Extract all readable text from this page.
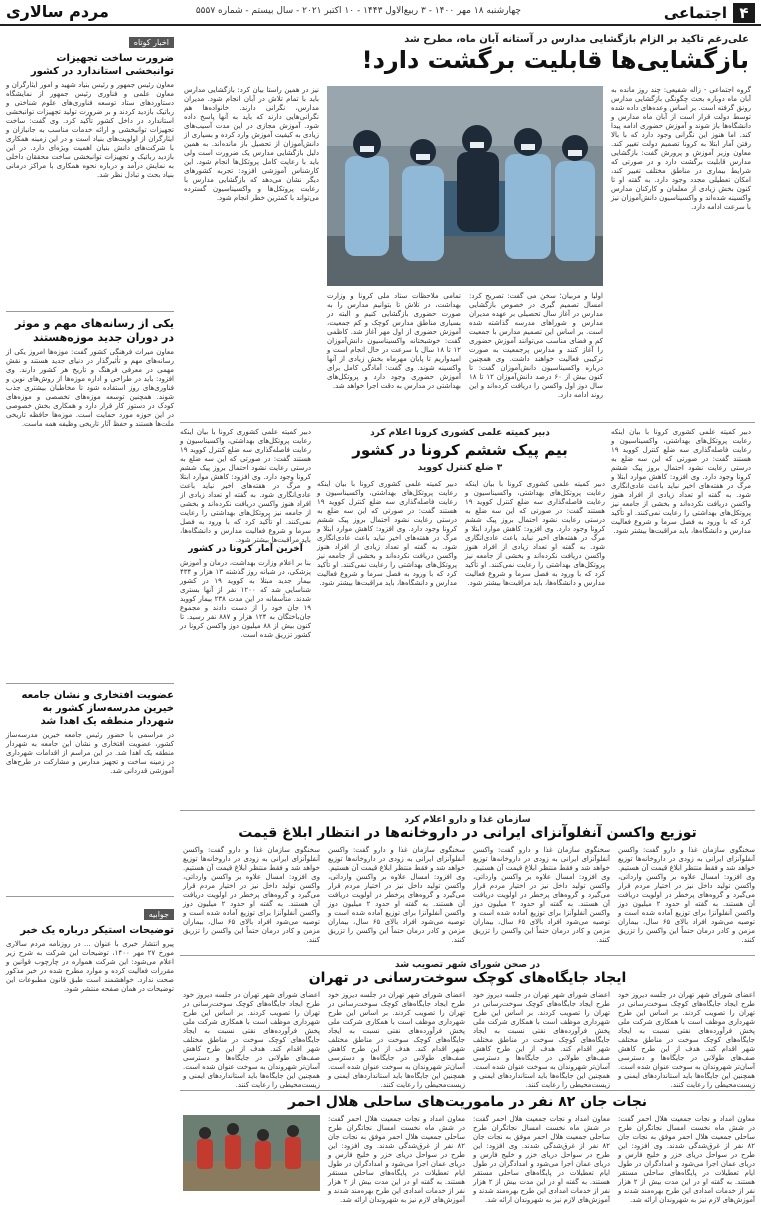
۴
اجتماعی
چهارشنبه ۱۸ مهر ۱۴۰۰ - ۳ ربیع‌الاول ۱۴۴۳ - ۱۰ اکتبر ۲۰۲۱ - سال بیستم - شماره ۵۵۵۷
مردم سالاری
علی‌رغم تاکید بر الزام بازگشایی مدارس در آستانه آبان ماه، مطرح شد
بازگشایی‌ها قابلیت برگشت دارد!
گروه اجتماعی - زاله شفیعی: چند روز مانده به آبان ماه دوباره بحث چگونگی بازگشایی مدارس رونق گرفته است. بر اساس وعده‌های داده شده توسط دولت قرار است از آبان ماه مدارس و دانشگاه‌ها باز شوند و آموزش حضوری ادامه پیدا کند. اما هنوز این نگرانی وجود دارد که با بالا رفتن آمار ابتلا به کرونا تصمیم دولت تغییر کند. معاون وزیر آموزش و پرورش گفت: بازگشایی مدارس قابلیت برگشت دارد و در صورتی که شرایط بیماری در مناطق مختلف تغییر کند، امکان تعطیلی مجدد وجود دارد. به گفته او تا کنون بخش زیادی از معلمان و کارکنان مدارس واکسینه شده‌اند و واکسیناسیون دانش‌آموزان نیز با سرعت ادامه دارد.
اولیا و مربیان؛ سخن می گفت: تصریح کرد: امسال تصمیم گیری در خصوص بازگشایی مدارس در آغاز سال تحصیلی بر عهده مدیران مدارس و شوراهای مدرسه گذاشته شده است. بر اساس این تصمیم مدارس با جمعیت کم و فضای مناسب می‌توانند آموزش حضوری را آغاز کنند و مدارس پرجمعیت به صورت ترکیبی فعالیت خواهند داشت. وی همچنین درباره واکسیناسیون دانش‌آموزان گفت: تا کنون بیش از ۶۰ درصد دانش‌آموزان ۱۲ تا ۱۸ سال دوز اول واکسن را دریافت کرده‌اند و این روند ادامه دارد.
تمامی ملاحظات ستاد ملی کرونا و وزارت بهداشت، در تلاش تا بتوانیم مدارس را به صورت حضوری بازگشایی کنیم و البته در بسیاری مناطق مدارس کوچک و کم جمعیت، آموزش حضوری از اول مهر آغاز شد. کاظمی گفت: خوشبختانه واکسیناسیون دانش‌آموزان ۱۲ تا ۱۸ سال با سرعت در حال انجام است و امیدواریم تا پایان مهرماه بخش زیادی از آنها واکسینه شوند. وی گفت: آمادگی کامل برای آموزش حضوری وجود دارد و پروتکل‌های بهداشتی در مدارس به دقت اجرا خواهد شد.
نیز در همین راستا بیان کرد: بازگشایی مدارس باید با تمام تلاش در آبان انجام شود. مدیران مدارس، نگرانی دارند. خانواده‌ها هم نگرانی‌هایی دارند که باید به آنها پاسخ داده شود. آموزش مجازی در این مدت آسیب‌های زیادی به کیفیت آموزش وارد کرده و بسیاری از دانش‌آموزان از تحصیل باز مانده‌اند. به همین دلیل بازگشایی مدارس یک ضرورت است ولی باید با رعایت کامل پروتکل‌ها انجام شود. این کارشناس آموزشی افزود: تجربه کشورهای دیگر نشان می‌دهد که بازگشایی مدارس با رعایت پروتکل‌ها و واکسیناسیون گسترده می‌تواند با کمترین خطر انجام شود.
دبیر کمیته علمی کشوری کرونا اعلام کرد
بیم پیک ششم کرونا در کشور
۳ ضلع کنترل کووید
دبیر کمیته علمی کشوری کرونا با بیان اینکه رعایت پروتکل‌های بهداشتی، واکسیناسیون و رعایت فاصله‌گذاری سه ضلع کنترل کووید ۱۹ هستند گفت: در صورتی که این سه ضلع به درستی رعایت نشود احتمال بروز پیک ششم کرونا وجود دارد. وی افزود: کاهش موارد ابتلا و مرگ در هفته‌های اخیر نباید باعث عادی‌انگاری شود. به گفته او تعداد زیادی از افراد هنوز واکسن دریافت نکرده‌اند و بخشی از جامعه نیز پروتکل‌های بهداشتی را رعایت نمی‌کنند. او تأکید کرد که با ورود به فصل سرما و شروع فعالیت مدارس و دانشگاه‌ها، باید مراقبت‌ها بیشتر شود.
دبیر کمیته علمی کشوری کرونا با بیان اینکه رعایت پروتکل‌های بهداشتی، واکسیناسیون و رعایت فاصله‌گذاری سه ضلع کنترل کووید ۱۹ هستند گفت: در صورتی که این سه ضلع به درستی رعایت نشود احتمال بروز پیک ششم کرونا وجود دارد. وی افزود: کاهش موارد ابتلا و مرگ در هفته‌های اخیر نباید باعث عادی‌انگاری شود. به گفته او تعداد زیادی از افراد هنوز واکسن دریافت نکرده‌اند و بخشی از جامعه نیز پروتکل‌های بهداشتی را رعایت نمی‌کنند. او تأکید کرد که با ورود به فصل سرما و شروع فعالیت مدارس و دانشگاه‌ها، باید مراقبت‌ها بیشتر شود.
دبیر کمیته علمی کشوری کرونا با بیان اینکه رعایت پروتکل‌های بهداشتی، واکسیناسیون و رعایت فاصله‌گذاری سه ضلع کنترل کووید ۱۹ هستند گفت: در صورتی که این سه ضلع به درستی رعایت نشود احتمال بروز پیک ششم کرونا وجود دارد. وی افزود: کاهش موارد ابتلا و مرگ در هفته‌های اخیر نباید باعث عادی‌انگاری شود. به گفته او تعداد زیادی از افراد هنوز واکسن دریافت نکرده‌اند و بخشی از جامعه نیز پروتکل‌های بهداشتی را رعایت نمی‌کنند. او تأکید کرد که با ورود به فصل سرما و شروع فعالیت مدارس و دانشگاه‌ها، باید مراقبت‌ها بیشتر شود.
دبیر کمیته علمی کشوری کرونا با بیان اینکه رعایت پروتکل‌های بهداشتی، واکسیناسیون و رعایت فاصله‌گذاری سه ضلع کنترل کووید ۱۹ هستند گفت: در صورتی که این سه ضلع به درستی رعایت نشود احتمال بروز پیک ششم کرونا وجود دارد. وی افزود: کاهش موارد ابتلا و مرگ در هفته‌های اخیر نباید باعث عادی‌انگاری شود. به گفته او تعداد زیادی از افراد هنوز واکسن دریافت نکرده‌اند و بخشی از جامعه نیز پروتکل‌های بهداشتی را رعایت نمی‌کنند. او تأکید کرد که با ورود به فصل سرما و شروع فعالیت مدارس و دانشگاه‌ها، باید مراقبت‌ها بیشتر شود.
آخرین آمار کرونا در کشور
بنا بر اعلام وزارت بهداشت، درمان و آموزش پزشکی، در شبانه روز گذشته ۱۳ هزار و ۴۳۴ بیمار جدید مبتلا به کووید ۱۹ در کشور شناسایی شد که ۱۲۰۰ نفر از آنها بستری شدند. متأسفانه در این مدت ۲۳۸ بیمار کووید ۱۹ جان خود را از دست دادند و مجموع جان‌باختگان به ۱۲۴ هزار و ۸۸۷ نفر رسید. تا کنون بیش از ۸۸ میلیون دوز واکسن کرونا در کشور تزریق شده است.
سازمان غذا و دارو اعلام کرد
توزیع واکسن آنفلوآنزای ایرانی در داروخانه‌ها در انتظار ابلاغ قیمت
سخنگوی سازمان غذا و دارو گفت: واکسن آنفلوآنزای ایرانی به زودی در داروخانه‌ها توزیع خواهد شد و فقط منتظر ابلاغ قیمت آن هستیم. وی افزود: امسال علاوه بر واکسن وارداتی، واکسن تولید داخل نیز در اختیار مردم قرار می‌گیرد و گروه‌های پرخطر در اولویت دریافت آن هستند. به گفته او حدود ۲ میلیون دوز واکسن آنفلوآنزا برای توزیع آماده شده است و توصیه می‌شود افراد بالای ۶۵ سال، بیماران مزمن و کادر درمان حتماً این واکسن را تزریق کنند.
سخنگوی سازمان غذا و دارو گفت: واکسن آنفلوآنزای ایرانی به زودی در داروخانه‌ها توزیع خواهد شد و فقط منتظر ابلاغ قیمت آن هستیم. وی افزود: امسال علاوه بر واکسن وارداتی، واکسن تولید داخل نیز در اختیار مردم قرار می‌گیرد و گروه‌های پرخطر در اولویت دریافت آن هستند. به گفته او حدود ۲ میلیون دوز واکسن آنفلوآنزا برای توزیع آماده شده است و توصیه می‌شود افراد بالای ۶۵ سال، بیماران مزمن و کادر درمان حتماً این واکسن را تزریق کنند.
سخنگوی سازمان غذا و دارو گفت: واکسن آنفلوآنزای ایرانی به زودی در داروخانه‌ها توزیع خواهد شد و فقط منتظر ابلاغ قیمت آن هستیم. وی افزود: امسال علاوه بر واکسن وارداتی، واکسن تولید داخل نیز در اختیار مردم قرار می‌گیرد و گروه‌های پرخطر در اولویت دریافت آن هستند. به گفته او حدود ۲ میلیون دوز واکسن آنفلوآنزا برای توزیع آماده شده است و توصیه می‌شود افراد بالای ۶۵ سال، بیماران مزمن و کادر درمان حتماً این واکسن را تزریق کنند.
سخنگوی سازمان غذا و دارو گفت: واکسن آنفلوآنزای ایرانی به زودی در داروخانه‌ها توزیع خواهد شد و فقط منتظر ابلاغ قیمت آن هستیم. وی افزود: امسال علاوه بر واکسن وارداتی، واکسن تولید داخل نیز در اختیار مردم قرار می‌گیرد و گروه‌های پرخطر در اولویت دریافت آن هستند. به گفته او حدود ۲ میلیون دوز واکسن آنفلوآنزا برای توزیع آماده شده است و توصیه می‌شود افراد بالای ۶۵ سال، بیماران مزمن و کادر درمان حتماً این واکسن را تزریق کنند.
در صحن شورای شهر تصویب شد
ایجاد جایگاه‌های کوچک سوخت‌رسانی در تهران
اعضای شورای شهر تهران در جلسه دیروز خود طرح ایجاد جایگاه‌های کوچک سوخت‌رسانی در تهران را تصویب کردند. بر اساس این طرح شهرداری موظف است با همکاری شرکت ملی پخش فرآورده‌های نفتی نسبت به ایجاد جایگاه‌های کوچک سوخت در مناطق مختلف شهر اقدام کند. هدف از این طرح کاهش صف‌های طولانی در جایگاه‌ها و دسترسی آسان‌تر شهروندان به سوخت عنوان شده است. همچنین این جایگاه‌ها باید استانداردهای ایمنی و زیست‌محیطی را رعایت کنند.
اعضای شورای شهر تهران در جلسه دیروز خود طرح ایجاد جایگاه‌های کوچک سوخت‌رسانی در تهران را تصویب کردند. بر اساس این طرح شهرداری موظف است با همکاری شرکت ملی پخش فرآورده‌های نفتی نسبت به ایجاد جایگاه‌های کوچک سوخت در مناطق مختلف شهر اقدام کند. هدف از این طرح کاهش صف‌های طولانی در جایگاه‌ها و دسترسی آسان‌تر شهروندان به سوخت عنوان شده است. همچنین این جایگاه‌ها باید استانداردهای ایمنی و زیست‌محیطی را رعایت کنند.
اعضای شورای شهر تهران در جلسه دیروز خود طرح ایجاد جایگاه‌های کوچک سوخت‌رسانی در تهران را تصویب کردند. بر اساس این طرح شهرداری موظف است با همکاری شرکت ملی پخش فرآورده‌های نفتی نسبت به ایجاد جایگاه‌های کوچک سوخت در مناطق مختلف شهر اقدام کند. هدف از این طرح کاهش صف‌های طولانی در جایگاه‌ها و دسترسی آسان‌تر شهروندان به سوخت عنوان شده است. همچنین این جایگاه‌ها باید استانداردهای ایمنی و زیست‌محیطی را رعایت کنند.
اعضای شورای شهر تهران در جلسه دیروز خود طرح ایجاد جایگاه‌های کوچک سوخت‌رسانی در تهران را تصویب کردند. بر اساس این طرح شهرداری موظف است با همکاری شرکت ملی پخش فرآورده‌های نفتی نسبت به ایجاد جایگاه‌های کوچک سوخت در مناطق مختلف شهر اقدام کند. هدف از این طرح کاهش صف‌های طولانی در جایگاه‌ها و دسترسی آسان‌تر شهروندان به سوخت عنوان شده است. همچنین این جایگاه‌ها باید استانداردهای ایمنی و زیست‌محیطی را رعایت کنند.
نجات جان ۸۲ نفر در ماموریت‌های ساحلی هلال احمر
معاون امداد و نجات جمعیت هلال احمر گفت: در شش ماه نخست امسال نجاتگران طرح ساحلی جمعیت هلال احمر موفق به نجات جان ۸۲ نفر از غرق‌شدگی شدند. وی افزود: این طرح در سواحل دریای خزر و خلیج فارس و دریای عمان اجرا می‌شود و امدادگران در طول ایام تعطیلات در پایگاه‌های ساحلی مستقر هستند. به گفته او در این مدت بیش از ۲ هزار نفر از خدمات امدادی این طرح بهره‌مند شدند و آموزش‌های لازم نیز به شهروندان ارائه شد.
معاون امداد و نجات جمعیت هلال احمر گفت: در شش ماه نخست امسال نجاتگران طرح ساحلی جمعیت هلال احمر موفق به نجات جان ۸۲ نفر از غرق‌شدگی شدند. وی افزود: این طرح در سواحل دریای خزر و خلیج فارس و دریای عمان اجرا می‌شود و امدادگران در طول ایام تعطیلات در پایگاه‌های ساحلی مستقر هستند. به گفته او در این مدت بیش از ۲ هزار نفر از خدمات امدادی این طرح بهره‌مند شدند و آموزش‌های لازم نیز به شهروندان ارائه شد.
معاون امداد و نجات جمعیت هلال احمر گفت: در شش ماه نخست امسال نجاتگران طرح ساحلی جمعیت هلال احمر موفق به نجات جان ۸۲ نفر از غرق‌شدگی شدند. وی افزود: این طرح در سواحل دریای خزر و خلیج فارس و دریای عمان اجرا می‌شود و امدادگران در طول ایام تعطیلات در پایگاه‌های ساحلی مستقر هستند. به گفته او در این مدت بیش از ۲ هزار نفر از خدمات امدادی این طرح بهره‌مند شدند و آموزش‌های لازم نیز به شهروندان ارائه شد.
اخبار کوتاه
ضرورت ساخت تجهیزات توانبخشی استاندارد در کشور
معاون رئیس جمهور و رئیس بنیاد شهید و امور ایثارگران و معاون علمی و فناوری رئیس جمهور از نمایشگاه دستاوردهای ستاد توسعه فناوری‌های علوم شناختی و رباتیک بازدید کردند و بر ضرورت تولید تجهیزات توانبخشی استاندارد در داخل کشور تأکید کرد. وی گفت: ساخت تجهیزات توانبخشی و ارائه خدمات مناسب به جانبازان و ایثارگران از اولویت‌های بنیاد است و در این زمینه همکاری با شرکت‌های دانش بنیان اهمیت ویژه‌ای دارد. در این بازدید رباتیک و تجهیزات توانبخشی ساخت محققان داخلی به نمایش درآمد و درباره نحوه همکاری با مراکز درمانی بنیاد بحث و تبادل نظر شد.
یکی از رسانه‌های مهم و موثر در دوران جدید موزه‌هستند
معاون میراث فرهنگی کشور گفت: موزه‌ها امروز یکی از رسانه‌های مهم و تأثیرگذار در دنیای جدید هستند و نقش مهمی در معرفی فرهنگ و تاریخ هر کشور دارند. وی افزود: باید در طراحی و اداره موزه‌ها از روش‌های نوین و فناوری‌های روز استفاده شود تا مخاطبان بیشتری جذب شوند. همچنین توسعه موزه‌های تخصصی و موزه‌های کودک در دستور کار قرار دارد و همکاری بخش خصوصی در این حوزه مورد حمایت است. موزه‌ها حافظه تاریخی ملت‌ها هستند و حفظ آثار تاریخی وظیفه همه ماست.
عضویت افتخاری و نشان جامعه خیرین مدرسه‌ساز کشور به شهردار منطقه یک اهدا شد
در مراسمی با حضور رئیس جامعه خیرین مدرسه‌ساز کشور، عضویت افتخاری و نشان این جامعه به شهردار منطقه یک اهدا شد. در این مراسم از اقدامات شهرداری در زمینه ساخت و تجهیز مدارس و مشارکت در طرح‌های آموزشی قدردانی شد.
جوابیه
توضیحات استیکر درباره یک خبر
پیرو انتشار خبری با عنوان ... در روزنامه مردم سالاری مورخ ۲۷ مهر ۱۴۰۰، توضیحات این شرکت به شرح زیر اعلام می‌شود: این شرکت همواره در چارچوب قوانین و مقررات فعالیت کرده و موارد مطرح شده در خبر مذکور صحت ندارد. خواهشمند است طبق قانون مطبوعات این توضیحات در همان صفحه منتشر شود.
